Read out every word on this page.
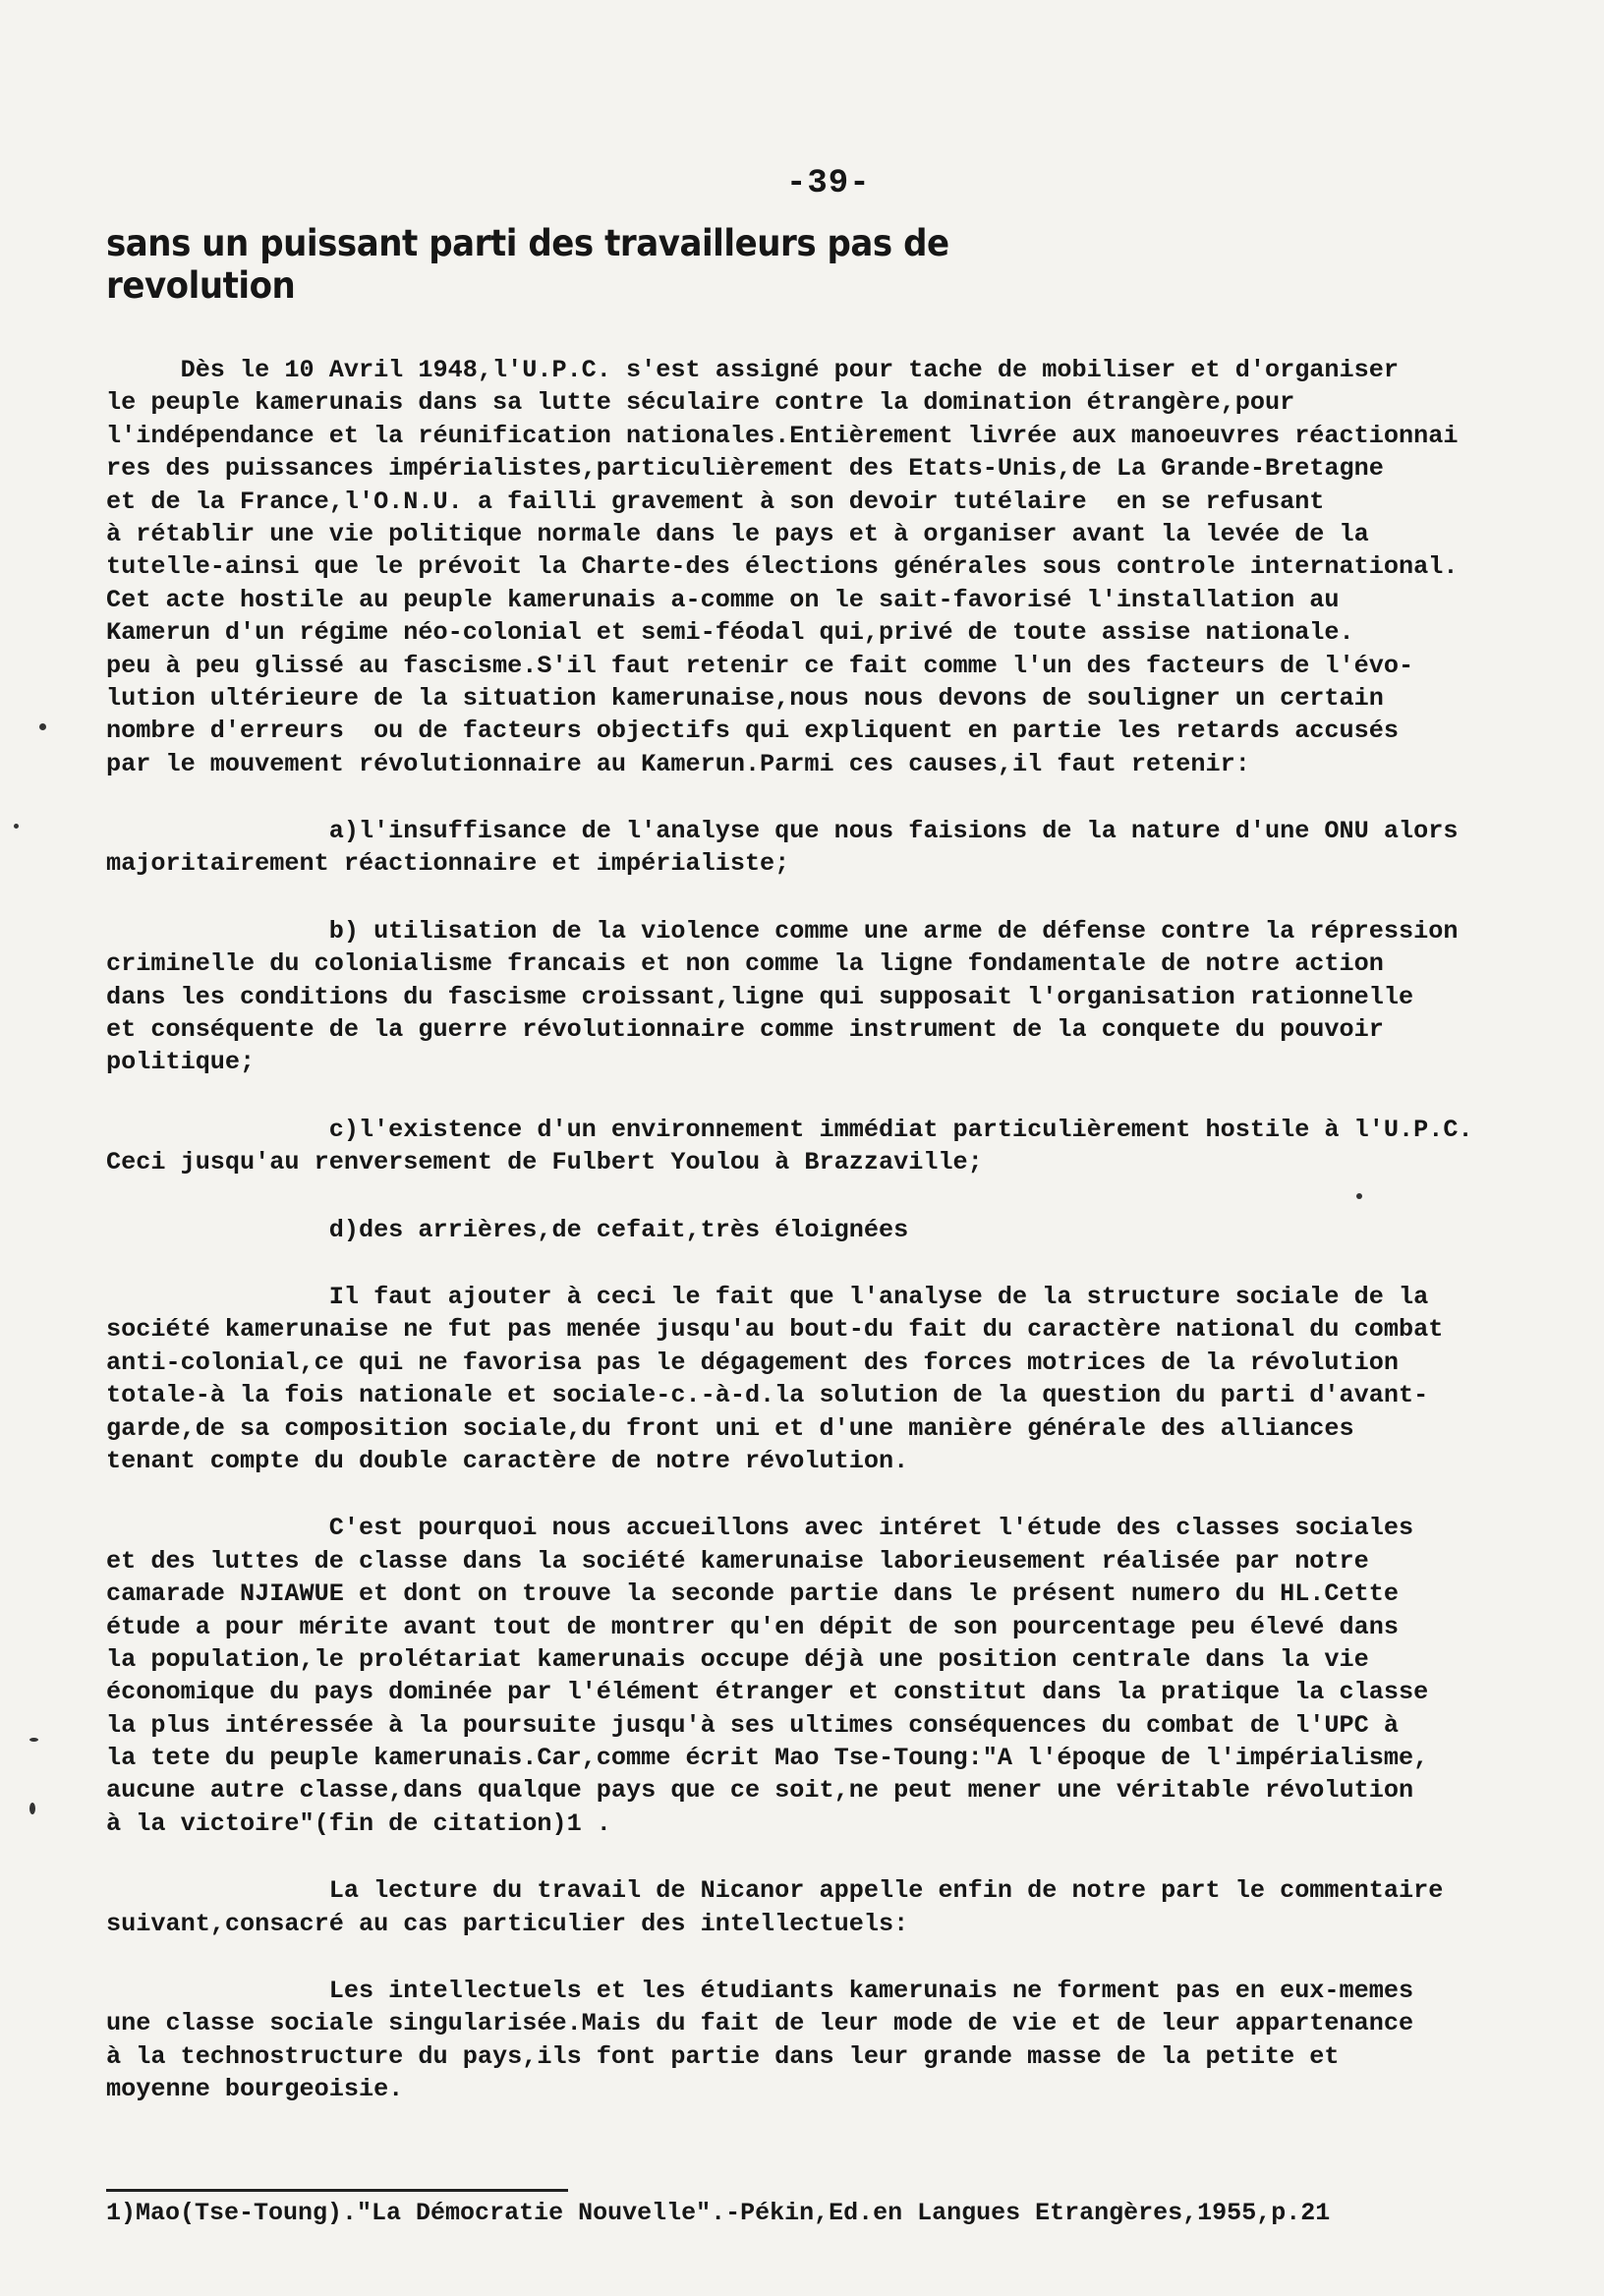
-39-
sans un puissant parti des travailleurs pas de revolution
Dès le 10 Avril 1948,l'U.P.C. s'est assigné pour tache de mobiliser et d'organiser
le peuple kamerunais dans sa lutte séculaire contre la domination étrangère,pour
l'indépendance et la réunification nationales.Entièrement livrée aux manoeuvres réactionnai
res des puissances impérialistes,particulièrement des Etats-Unis,de La Grande-Bretagne
et de la France,l'O.N.U. a failli gravement à son devoir tutélaire  en se refusant
à rétablir une vie politique normale dans le pays et à organiser avant la levée de la
tutelle-ainsi que le prévoit la Charte-des élections générales sous controle international.
Cet acte hostile au peuple kamerunais a-comme on le sait-favorisé l'installation au
Kamerun d'un régime néo-colonial et semi-féodal qui,privé de toute assise nationale.
peu à peu glissé au fascisme.S'il faut retenir ce fait comme l'un des facteurs de l'évo-
lution ultérieure de la situation kamerunaise,nous nous devons de souligner un certain
nombre d'erreurs  ou de facteurs objectifs qui expliquent en partie les retards accusés
par le mouvement révolutionnaire au Kamerun.Parmi ces causes,il faut retenir:
a)l'insuffisance de l'analyse que nous faisions de la nature d'une ONU alors
majoritairement réactionnaire et impérialiste;
b) utilisation de la violence comme une arme de défense contre la répression
criminelle du colonialisme francais et non comme la ligne fondamentale de notre action
dans les conditions du fascisme croissant,ligne qui supposait l'organisation rationnelle
et conséquente de la guerre révolutionnaire comme instrument de la conquete du pouvoir
politique;
c)l'existence d'un environnement immédiat particulièrement hostile à l'U.P.C.
Ceci jusqu'au renversement de Fulbert Youlou à Brazzaville;
d)des arrières,de cefait,très éloignées
Il faut ajouter à ceci le fait que l'analyse de la structure sociale de la
société kamerunaise ne fut pas menée jusqu'au bout-du fait du caractère national du combat
anti-colonial,ce qui ne favorisa pas le dégagement des forces motrices de la révolution
totale-à la fois nationale et sociale-c.-à-d.la solution de la question du parti d'avant-
garde,de sa composition sociale,du front uni et d'une manière générale des alliances
tenant compte du double caractère de notre révolution.
C'est pourquoi nous accueillons avec intéret l'étude des classes sociales
et des luttes de classe dans la société kamerunaise laborieusement réalisée par notre
camarade NJIAWUE et dont on trouve la seconde partie dans le présent numero du HL.Cette
étude a pour mérite avant tout de montrer qu'en dépit de son pourcentage peu élevé dans
la population,le prolétariat kamerunais occupe déjà une position centrale dans la vie
économique du pays dominée par l'élément étranger et constitut dans la pratique la classe
la plus intéressée à la poursuite jusqu'à ses ultimes conséquences du combat de l'UPC à
la tete du peuple kamerunais.Car,comme écrit Mao Tse-Toung:"A l'époque de l'impérialisme,
aucune autre classe,dans qualque pays que ce soit,ne peut mener une véritable révolution
à la victoire"(fin de citation)1 .
La lecture du travail de Nicanor appelle enfin de notre part le commentaire
suivant,consacré au cas particulier des intellectuels:
Les intellectuels et les étudiants kamerunais ne forment pas en eux-memes
une classe sociale singularisée.Mais du fait de leur mode de vie et de leur appartenance
à la technostructure du pays,ils font partie dans leur grande masse de la petite et
moyenne bourgeoisie.
1)Mao(Tse-Toung)."La Démocratie Nouvelle".-Pékin,Ed.en Langues Etrangères,1955,p.21
